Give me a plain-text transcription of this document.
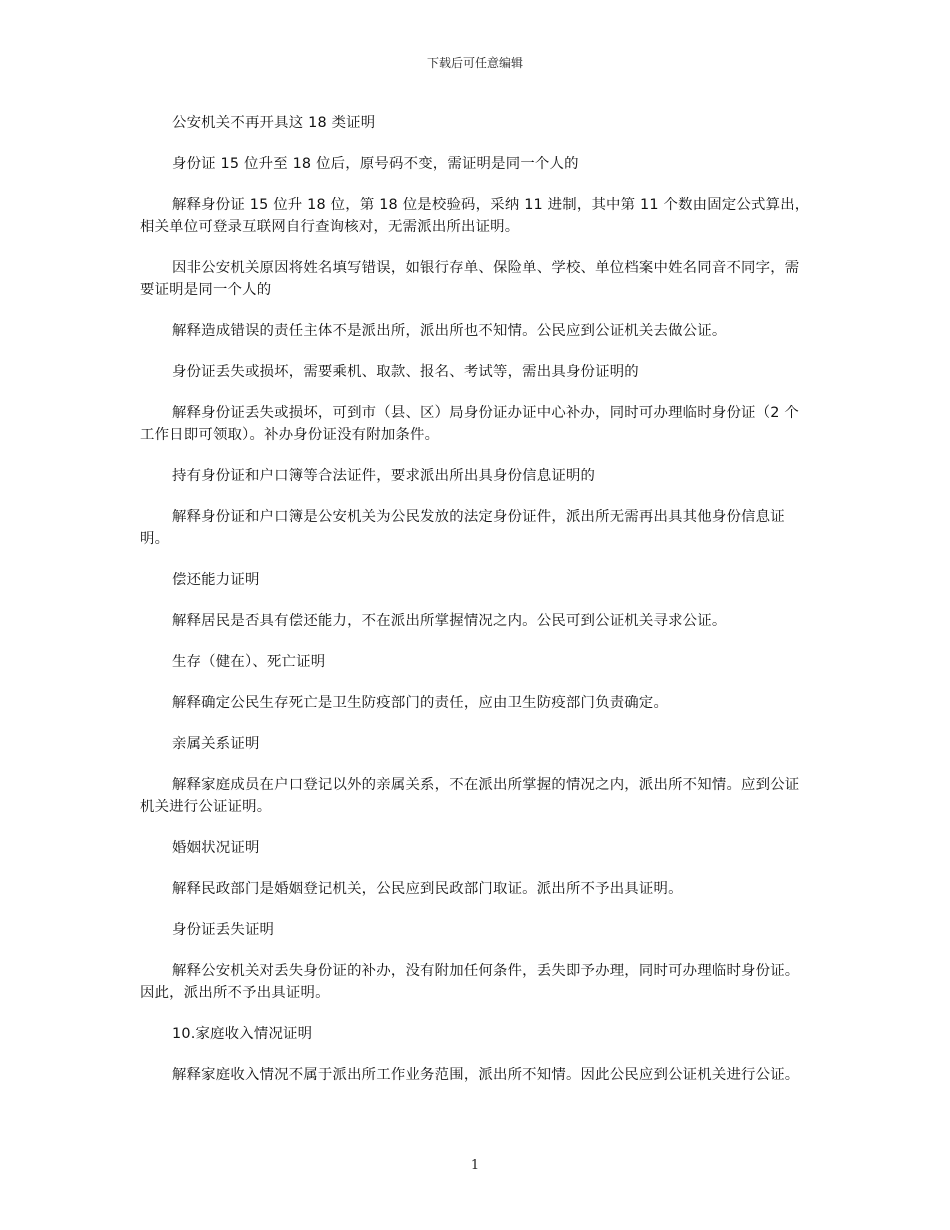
下载后可任意编辑

公安机关不再开具这 18 类证明

身份证 15 位升至 18 位后，原号码不变，需证明是同一个人的

解释身份证 15 位升 18 位，第 18 位是校验码，采纳 11 进制，其中第 11 个数由固定公式算出，相关单位可登录互联网自行查询核对，无需派出所出证明。

因非公安机关原因将姓名填写错误，如银行存单、保险单、学校、单位档案中姓名同音不同字，需要证明是同一个人的

解释造成错误的责任主体不是派出所，派出所也不知情。公民应到公证机关去做公证。

身份证丢失或损坏，需要乘机、取款、报名、考试等，需出具身份证明的

解释身份证丢失或损坏，可到市（县、区）局身份证办证中心补办，同时可办理临时身份证（2 个工作日即可领取）。补办身份证没有附加条件。

持有身份证和户口簿等合法证件，要求派出所出具身份信息证明的

解释身份证和户口簿是公安机关为公民发放的法定身份证件，派出所无需再出具其他身份信息证明。

偿还能力证明

解释居民是否具有偿还能力，不在派出所掌握情况之内。公民可到公证机关寻求公证。

生存（健在）、死亡证明

解释确定公民生存死亡是卫生防疫部门的责任，应由卫生防疫部门负责确定。

亲属关系证明

解释家庭成员在户口登记以外的亲属关系，不在派出所掌握的情况之内，派出所不知情。应到公证机关进行公证证明。

婚姻状况证明

解释民政部门是婚姻登记机关，公民应到民政部门取证。派出所不予出具证明。

身份证丢失证明

解释公安机关对丢失身份证的补办，没有附加任何条件，丢失即予办理，同时可办理临时身份证。因此，派出所不予出具证明。

10.家庭收入情况证明

解释家庭收入情况不属于派出所工作业务范围，派出所不知情。因此公民应到公证机关进行公证。

1
